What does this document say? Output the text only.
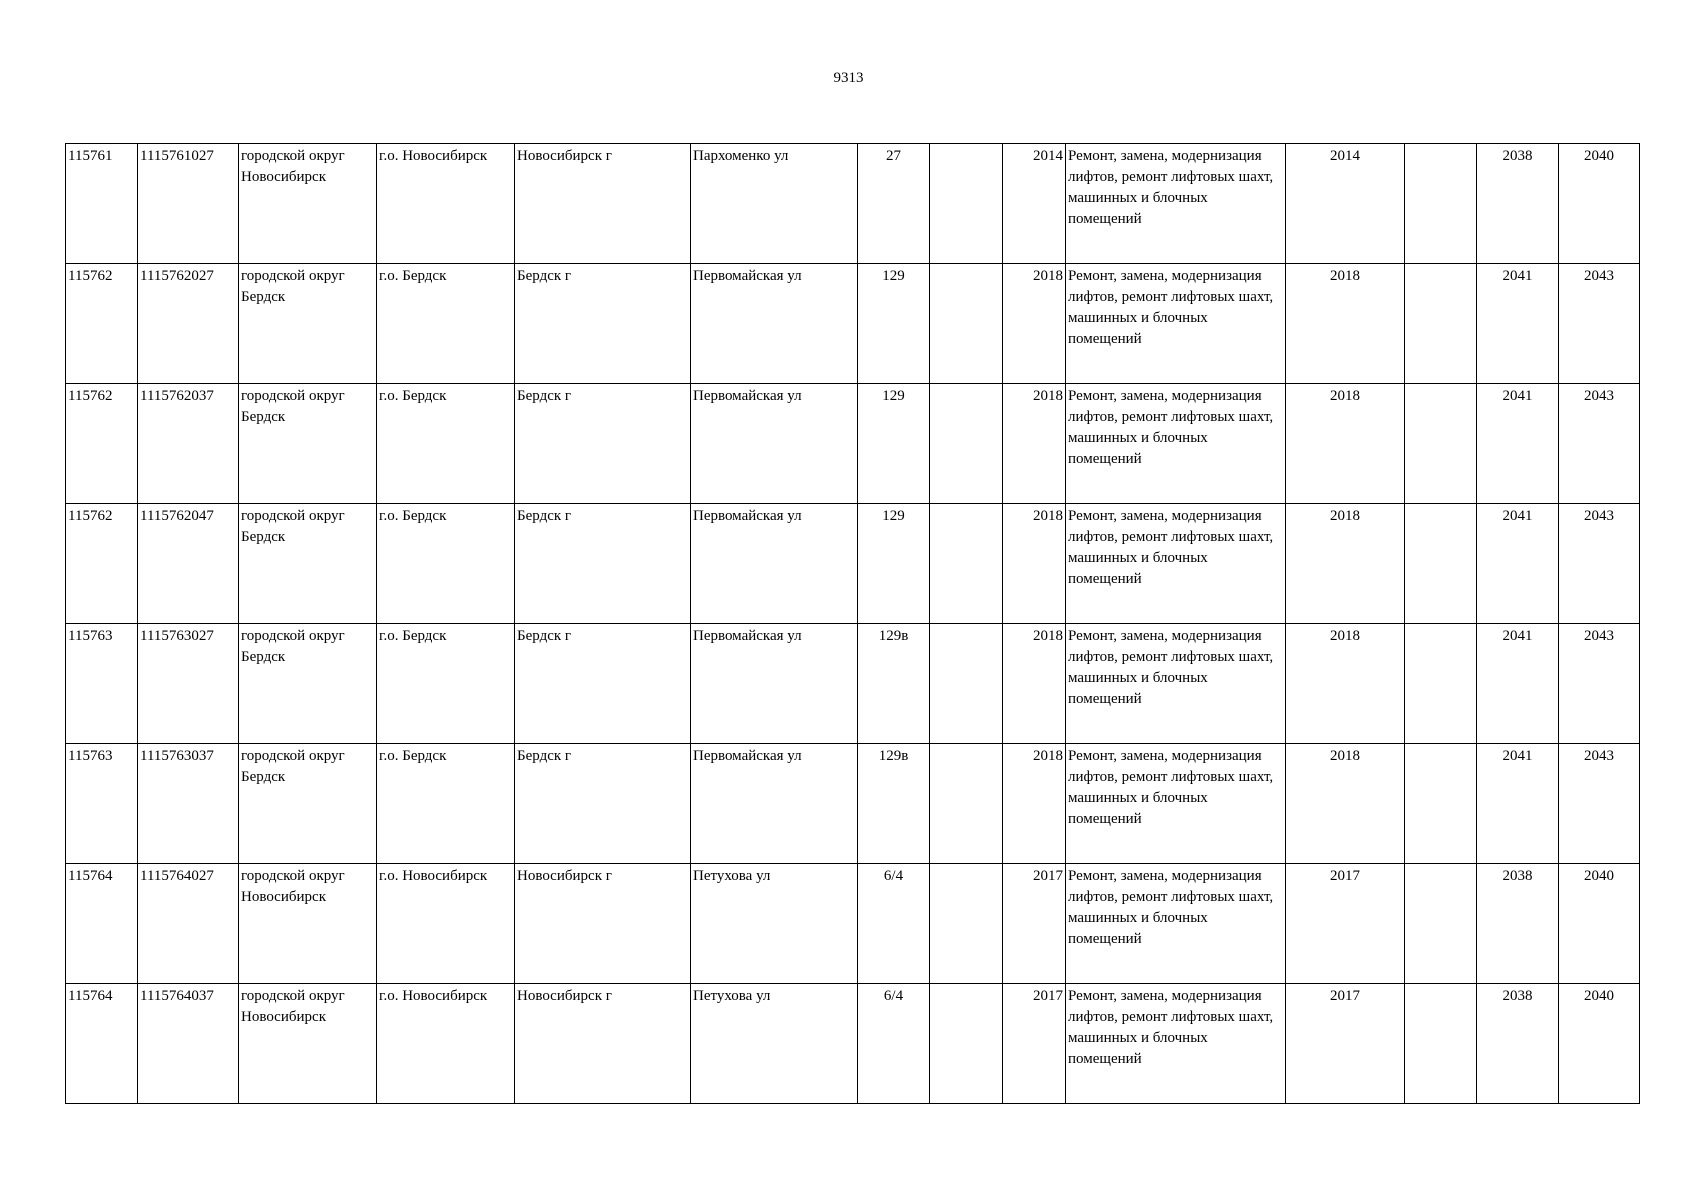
9313
115761	1115761027	городской округ Новосибирск	г.о. Новосибирск	Новосибирск г	Пархоменко ул	27		2014	Ремонт, замена, модернизация лифтов, ремонт лифтовых шахт, машинных и блочных помещений	2014		2038	2040
115762	1115762027	городской округ Бердск	г.о. Бердск	Бердск г	Первомайская ул	129		2018	Ремонт, замена, модернизация лифтов, ремонт лифтовых шахт, машинных и блочных помещений	2018		2041	2043
115762	1115762037	городской округ Бердск	г.о. Бердск	Бердск г	Первомайская ул	129		2018	Ремонт, замена, модернизация лифтов, ремонт лифтовых шахт, машинных и блочных помещений	2018		2041	2043
115762	1115762047	городской округ Бердск	г.о. Бердск	Бердск г	Первомайская ул	129		2018	Ремонт, замена, модернизация лифтов, ремонт лифтовых шахт, машинных и блочных помещений	2018		2041	2043
115763	1115763027	городской округ Бердск	г.о. Бердск	Бердск г	Первомайская ул	129в		2018	Ремонт, замена, модернизация лифтов, ремонт лифтовых шахт, машинных и блочных помещений	2018		2041	2043
115763	1115763037	городской округ Бердск	г.о. Бердск	Бердск г	Первомайская ул	129в		2018	Ремонт, замена, модернизация лифтов, ремонт лифтовых шахт, машинных и блочных помещений	2018		2041	2043
115764	1115764027	городской округ Новосибирск	г.о. Новосибирск	Новосибирск г	Петухова ул	6/4		2017	Ремонт, замена, модернизация лифтов, ремонт лифтовых шахт, машинных и блочных помещений	2017		2038	2040
115764	1115764037	городской округ Новосибирск	г.о. Новосибирск	Новосибирск г	Петухова ул	6/4		2017	Ремонт, замена, модернизация лифтов, ремонт лифтовых шахт, машинных и блочных помещений	2017		2038	2040
